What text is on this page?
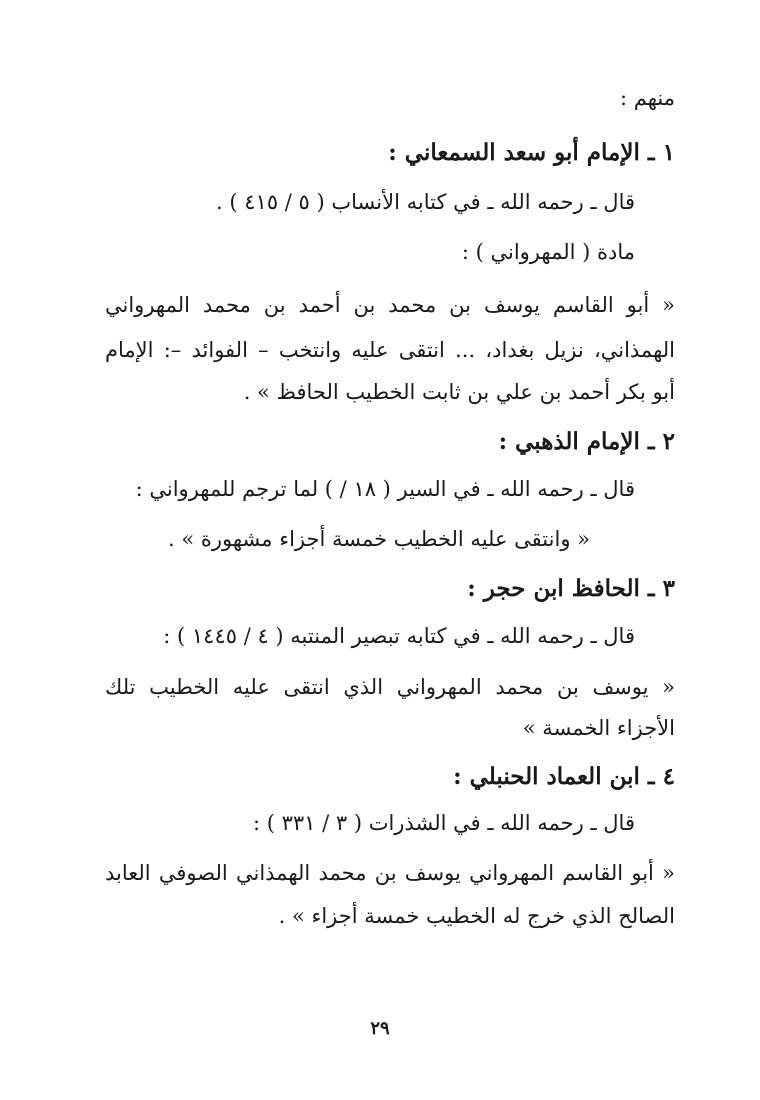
منهم :
١ ـ الإمام أبو سعد السمعاني :
قال ـ رحمه الله ـ في كتابه الأنساب ( ٥ / ٤١٥ ) .
مادة ( المهرواني ) :
« أبو القاسم يوسف بن محمد بن أحمد بن محمد المهرواني
الهمذاني، نزيل بغداد، ... انتقى عليه وانتخب – الفوائد –: الإمام
أبو بكر أحمد بن علي بن ثابت الخطيب الحافظ » .
٢ ـ الإمام الذهبي :
قال ـ رحمه الله ـ في السير ( ١٨ / ) لما ترجم للمهرواني :
« وانتقى عليه الخطيب خمسة أجزاء مشهورة » .
٣ ـ الحافظ ابن حجر :
قال ـ رحمه الله ـ في كتابه تبصير المنتبه ( ٤ / ١٤٤٥ ) :
« يوسف بن محمد المهرواني الذي انتقى عليه الخطيب تلك
الأجزاء الخمسة »
٤ ـ ابن العماد الحنبلي :
قال ـ رحمه الله ـ في الشذرات ( ٣ / ٣٣١ ) :
« أبو القاسم المهرواني يوسف بن محمد الهمذاني الصوفي العابد
الصالح الذي خرج له الخطيب خمسة أجزاء » .
٢٩
